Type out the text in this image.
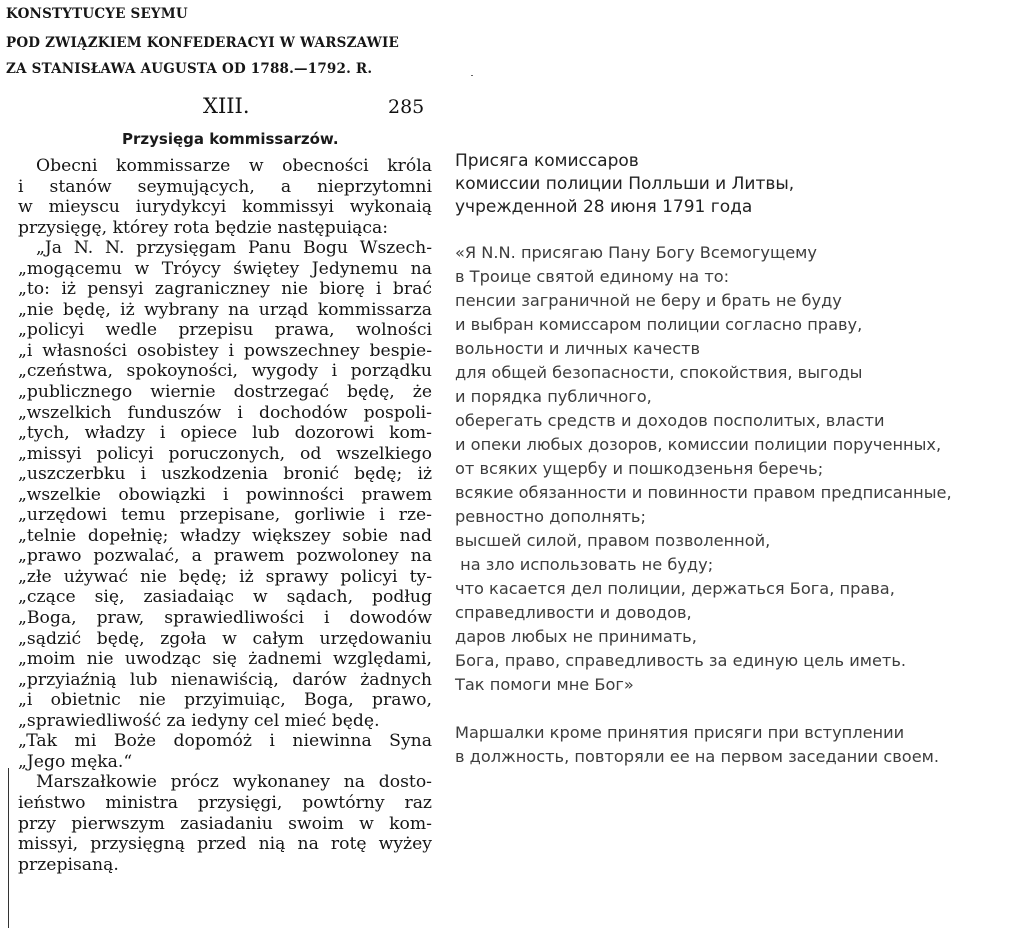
KONSTYTUCYE SEYMU
POD ZWIĄZKIEM KONFEDERACYI W WARSZAWIE
ZA STANISŁAWA AUGUSTA OD 1788.—1792. R.
XIII.	285
Przysięga kommissarzów.
Obecni kommissarze w obecności króla
i stanów seymujących, a nieprzytomni
w mieyscu iurydykcyi kommissyi wykonaią
przysięgę, którey rota będzie następuiąca:
„Ja N. N. przysięgam Panu Bogu Wszech-
„mogącemu w Tróycy świętey Jedynemu na
„to: iż pensyi zagraniczney nie biorę i brać
„nie będę, iż wybrany na urząd kommissarza
„policyi wedle przepisu prawa, wolności
„i własności osobistey i powszechney bespie-
„czeństwa, spokoyności, wygody i porządku
„publicznego wiernie dostrzegać będę, że
„wszelkich funduszów i dochodów pospoli-
„tych, władzy i opiece lub dozorowi kom-
„missyi policyi poruczonych, od wszelkiego
„uszczerbku i uszkodzenia bronić będę; iż
„wszelkie obowiązki i powinności prawem
„urzędowi temu przepisane, gorliwie i rze-
„telnie dopełnię; władzy większey sobie nad
„prawo pozwalać, a prawem pozwoloney na
„złe używać nie będę; iż sprawy policyi ty-
„czące się, zasiadaiąc w sądach, podług
„Boga, praw, sprawiedliwości i dowodów
„sądzić będę, zgoła w całym urzędowaniu
„moim nie uwodząc się żadnemi względami,
„przyiaźnią lub nienawiścią, darów żadnych
„i obietnic nie przyimuiąc, Boga, prawo,
„sprawiedliwość za iedyny cel mieć będę.
„Tak mi Boże dopomóż i niewinna Syna
„Jego męka.“
Marszałkowie prócz wykonaney na dosto-
ieństwo ministra przysięgi, powtórny raz
przy pierwszym zasiadaniu swoim w kom-
missyi, przysięgną przed nią na rotę wyżey
przepisaną.
Присяга комиссаров
комиссии полиции Полльши и Литвы,
учрежденной 28 июня 1791 года
«Я N.N. присягаю Пану Богу Всемогущему
в Троице святой единому на то:
пенсии заграничной не беру и брать не буду
и выбран комиссаром полиции согласно праву,
вольности и личных качеств
для общей безопасности, спокойствия, выгоды
и порядка публичного,
оберегать средств и доходов посполитых, власти
и опеки любых дозоров, комиссии полиции порученных,
от всяких ущербу и пошкодзеньня беречь;
всякие обязанности и повинности правом предписанные,
ревностно дополнять;
высшей силой, правом позволенной,
на зло использовать не буду;
что касается дел полиции, держаться Бога, права,
справедливости и доводов,
даров любых не принимать,
Бога, право, справедливость за единую цель иметь.
Так помоги мне Бог»
Маршалки кроме принятия присяги при вступлении
в должность, повторяли ее на первом заседании своем.
